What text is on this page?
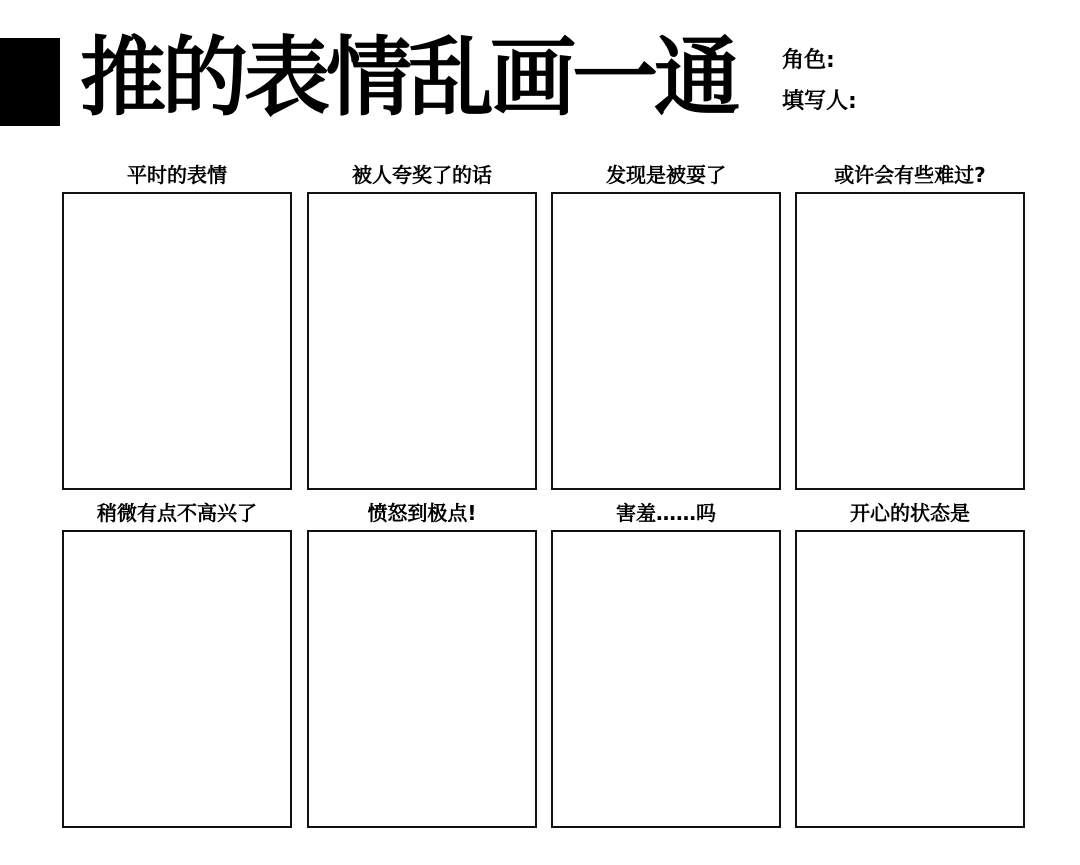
推的表情乱画一通 角色:
填写人:
平时的表情	被人夸奖了的话	发现是被耍了	或许会有些难过?
稍微有点不高兴了	愤怒到极点!	害羞……吗	开心的状态是
